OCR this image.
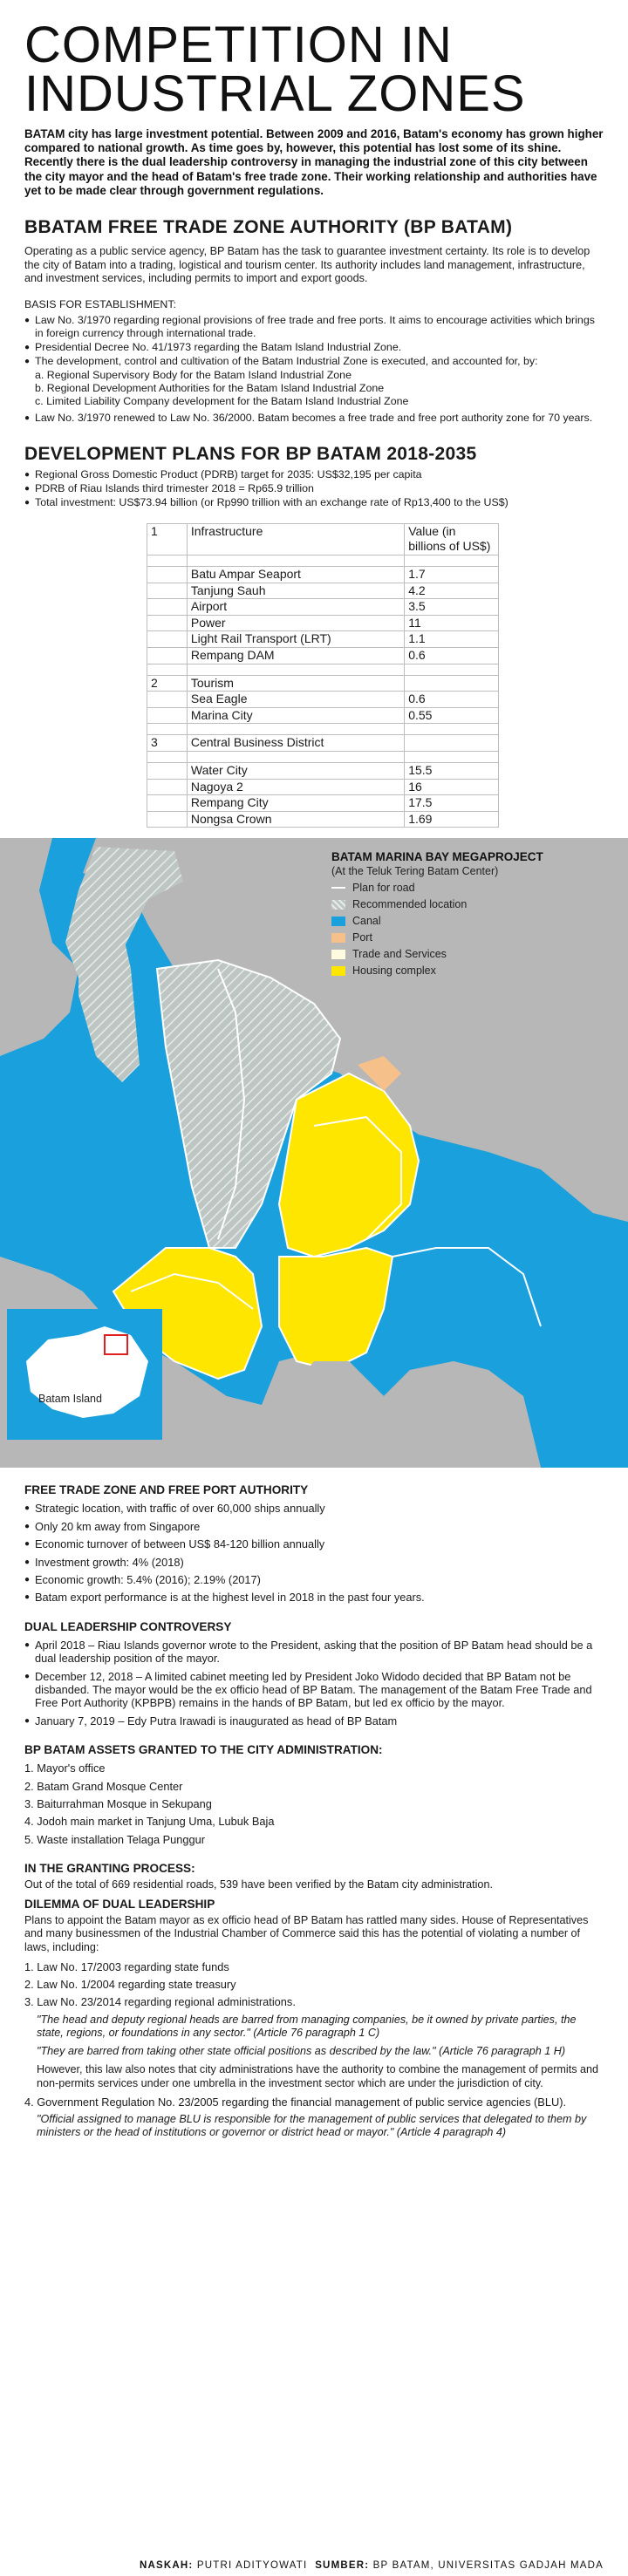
COMPETITION IN
INDUSTRIAL ZONES

BATAM city has large investment potential. Between 2009 and 2016, Batam's economy has grown higher compared to national growth. As time goes by, however, this potential has lost some of its shine. Recently there is the dual leadership controversy in managing the industrial zone of this city between the city mayor and the head of Batam's free trade zone. Their working relationship and authorities have yet to be made clear through government regulations.

BBATAM FREE TRADE ZONE AUTHORITY (BP BATAM)

Operating as a public service agency, BP Batam has the task to guarantee investment certainty. Its role is to develop the city of Batam into a trading, logistical and tourism center. Its authority includes land management, infrastructure, and investment services, including permits to import and export goods.

BASIS FOR ESTABLISHMENT:
● Law No. 3/1970 regarding regional provisions of free trade and free ports. It aims to encourage activities which brings in foreign currency through international trade.
● Presidential Decree No. 41/1973 regarding the Batam Island Industrial Zone.
● The development, control and cultivation of the Batam Industrial Zone is executed, and accounted for, by:
a. Regional Supervisory Body for the Batam Island Industrial Zone
b. Regional Development Authorities for the Batam Island Industrial Zone
c. Limited Liability Company development for the Batam Island Industrial Zone
● Law No. 3/1970 renewed to Law No. 36/2000. Batam becomes a free trade and free port authority zone for 70 years.
DEVELOPMENT PLANS FOR BP BATAM 2018-2035
● Regional Gross Domestic Product (PDRB) target for 2035: US$32,195 per capita
● PDRB of Riau Islands third trimester 2018 = Rp65.9 trillion
● Total investment: US$73.94 billion (or Rp990 trillion with an exchange rate of Rp13,400 to the US$)
1	Infrastructure	Value (in billions of US$)

	Batu Ampar Seaport	1.7
	Tanjung Sauh	4.2
	Airport	3.5
	Power	11
	Light Rail Transport (LRT)	1.1
	Rempang DAM	0.6

2	Tourism	
	Sea Eagle	0.6
	Marina City	0.55

3	Central Business District	

	Water City	15.5
	Nagoya 2	16
	Rempang City	17.5
	Nongsa Crown	1.69
BATAM MARINA BAY MEGAPROJECT
(At the Teluk Tering Batam Center)
Plan for road
Recommended location
Canal
Port
Trade and Services
Housing complex
Batam Island
FREE TRADE ZONE AND FREE PORT AUTHORITY
● Strategic location, with traffic of over 60,000 ships annually
● Only 20 km away from Singapore
● Economic turnover of between US$ 84-120 billion annually
● Investment growth: 4% (2018)
● Economic growth: 5.4% (2016); 2.19% (2017)
● Batam export performance is at the highest level in 2018 in the past four years.
DUAL LEADERSHIP CONTROVERSY
● April 2018 – Riau Islands governor wrote to the President, asking that the position of BP Batam head should be a dual leadership position of the mayor.
● December 12, 2018 – A limited cabinet meeting led by President Joko Widodo decided that BP Batam not be disbanded. The mayor would be the ex officio head of BP Batam. The management of the Batam Free Trade and Free Port Authority (KPBPB) remains in the hands of BP Batam, but led ex officio by the mayor.
● January 7, 2019 – Edy Putra Irawadi is inaugurated as head of BP Batam
BP BATAM ASSETS GRANTED TO THE CITY ADMINISTRATION:
1. Mayor's office
2. Batam Grand Mosque Center
3. Baiturrahman Mosque in Sekupang
4. Jodoh main market in Tanjung Uma, Lubuk Baja
5. Waste installation Telaga Punggur
IN THE GRANTING PROCESS:

Out of the total of 669 residential roads, 539 have been verified by the Batam city administration.

DILEMMA OF DUAL LEADERSHIP

Plans to appoint the Batam mayor as ex officio head of BP Batam has rattled many sides. House of Representatives and many businessmen of the Industrial Chamber of Commerce said this has the potential of violating a number of laws, including:

1. Law No. 17/2003 regarding state funds
2. Law No. 1/2004 regarding state treasury
3. Law No. 23/2014 regarding regional administrations.
"The head and deputy regional heads are barred from managing companies, be it owned by private parties, the state, regions, or foundations in any sector." (Article 76 paragraph 1 C)
"They are barred from taking other state official positions as described by the law." (Article 76 paragraph 1 H)
However, this law also notes that city administrations have the authority to combine the management of permits and non-permits services under one umbrella in the investment sector which are under the jurisdiction of city.
4. Government Regulation No. 23/2005 regarding the financial management of public service agencies (BLU).
"Official assigned to manage BLU is responsible for the management of public services that delegated to them by ministers or the head of institutions or governor or district head or mayor." (Article 4 paragraph 4)
NASKAH: PUTRI ADITYOWATI SUMBER: BP BATAM, UNIVERSITAS GADJAH MADA
